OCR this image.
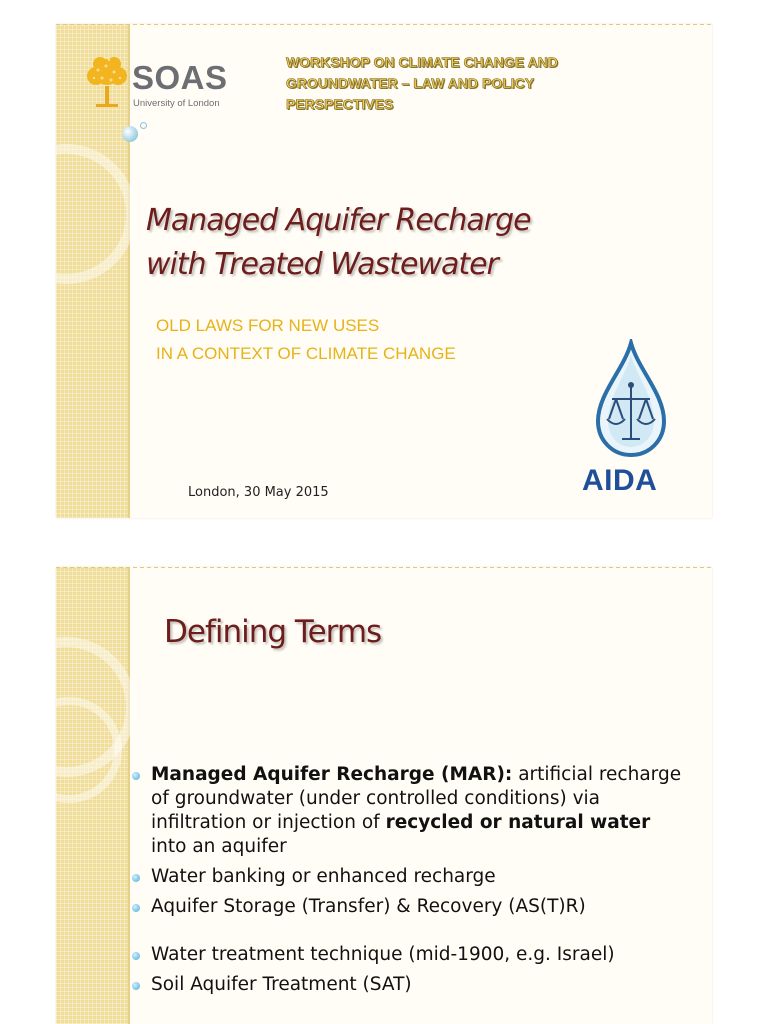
SOAS
University of London
WORKSHOP ON CLIMATE CHANGE AND
GROUNDWATER – LAW AND POLICY
PERSPECTIVES
Managed Aquifer Recharge
with Treated Wastewater
OLD LAWS FOR NEW USES
IN A CONTEXT OF CLIMATE CHANGE
London, 30 May 2015	AIDA
Defining Terms
Managed Aquifer Recharge (MAR): artificial recharge of groundwater (under controlled conditions) via infiltration or injection of recycled or natural water into an aquifer
Water banking or enhanced recharge
Aquifer Storage (Transfer) & Recovery (AS(T)R)
Water treatment technique (mid-1900, e.g. Israel)
Soil Aquifer Treatment (SAT)
